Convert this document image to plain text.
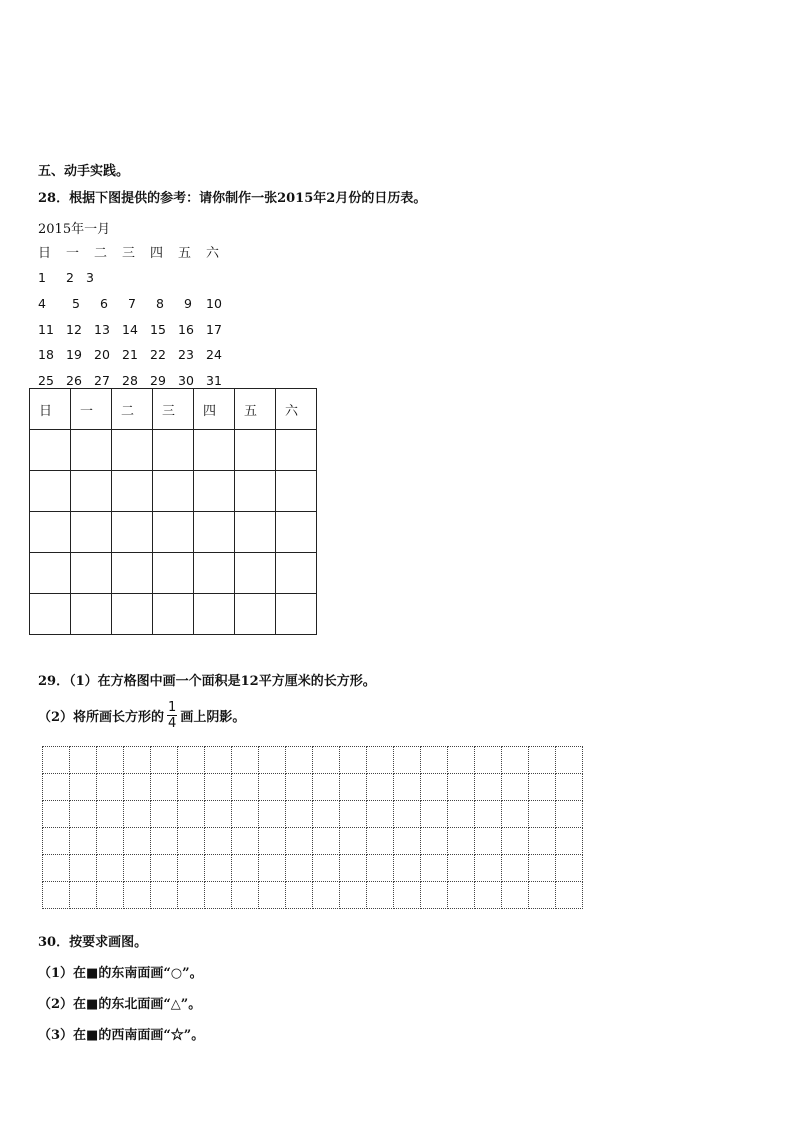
五、动手实践。
28．根据下图提供的参考：请你制作一张2015年2月份的日历表。
2015年一月
日	一	二	三	四	五	六
1	2 3
4	5	6	7	8	9	10
11 12 13 14 15 16 17
18 19 20 21 22 23 24
25 26 27 28 29 30 31
日	一	二	三	四	五	六

29．（1）在方格图中画一个面积是12平方厘米的长方形。
（2）将所画长方形的 $\frac{1}{4}$ 画上阴影。

30．按要求画图。
（1）在■的东南面画“○”。
（2）在■的东北面画“△”。
（3）在■的西南面画“☆”。
